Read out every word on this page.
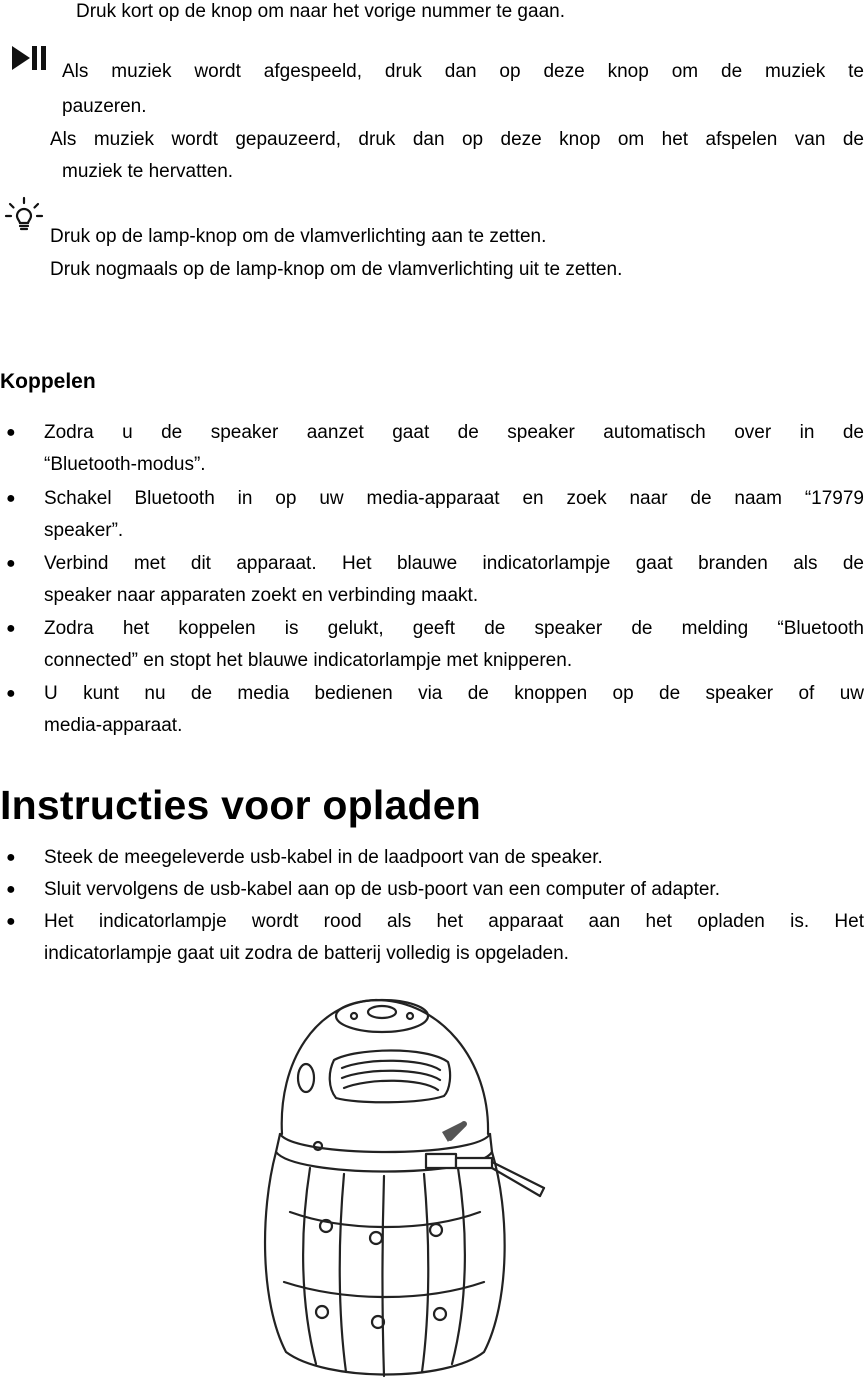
Druk kort op de knop om naar het vorige nummer te gaan.
Als muziek wordt afgespeeld, druk dan op deze knop om de muziek te
pauzeren.
Als muziek wordt gepauzeerd, druk dan op deze knop om het afspelen van de
muziek te hervatten.
Druk op de lamp-knop om de vlamverlichting aan te zetten.
Druk nogmaals op de lamp-knop om de vlamverlichting uit te zetten.
Koppelen
● Zodra u de speaker aanzet gaat de speaker automatisch over in de
“Bluetooth-modus”.
● Schakel Bluetooth in op uw media-apparaat en zoek naar de naam “17979
speaker”.
● Verbind met dit apparaat. Het blauwe indicatorlampje gaat branden als de
speaker naar apparaten zoekt en verbinding maakt.
● Zodra het koppelen is gelukt, geeft de speaker de melding “Bluetooth
connected” en stopt het blauwe indicatorlampje met knipperen.
● U kunt nu de media bedienen via de knoppen op de speaker of uw
media-apparaat.
Instructies voor opladen
● Steek de meegeleverde usb-kabel in de laadpoort van de speaker.
● Sluit vervolgens de usb-kabel aan op de usb-poort van een computer of adapter.
● Het indicatorlampje wordt rood als het apparaat aan het opladen is. Het
indicatorlampje gaat uit zodra de batterij volledig is opgeladen.
